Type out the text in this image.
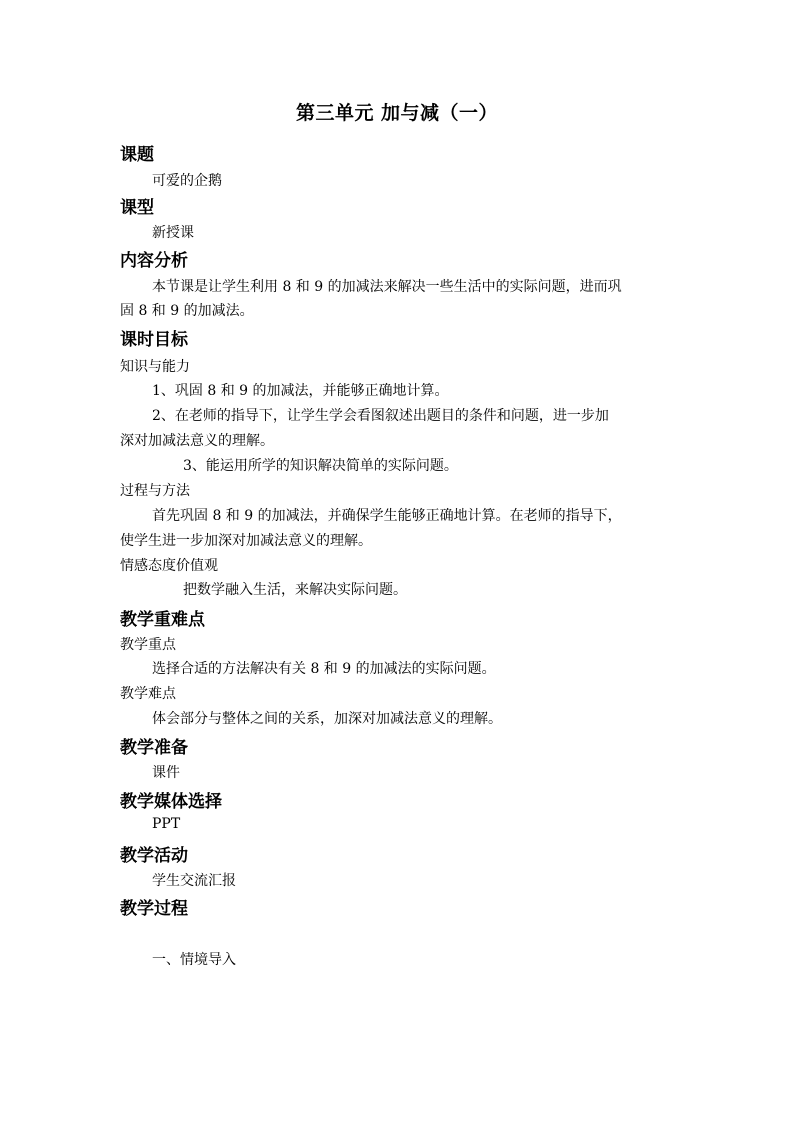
第三单元 加与减（一）
课题
可爱的企鹅
课型
新授课
内容分析
本节课是让学生利用 8 和 9 的加减法来解决一些生活中的实际问题，进而巩
固 8 和 9 的加减法。
课时目标
知识与能力
1、巩固 8 和 9 的加减法，并能够正确地计算。
2、在老师的指导下，让学生学会看图叙述出题目的条件和问题，进一步加
深对加减法意义的理解。
3、能运用所学的知识解决简单的实际问题。
过程与方法
首先巩固 8 和 9 的加减法，并确保学生能够正确地计算。在老师的指导下，
使学生进一步加深对加减法意义的理解。
情感态度价值观
把数学融入生活，来解决实际问题。
教学重难点
教学重点
选择合适的方法解决有关 8 和 9 的加减法的实际问题。
教学难点
体会部分与整体之间的关系，加深对加减法意义的理解。
教学准备
课件
教学媒体选择
PPT
教学活动
学生交流汇报
教学过程
一、情境导入
